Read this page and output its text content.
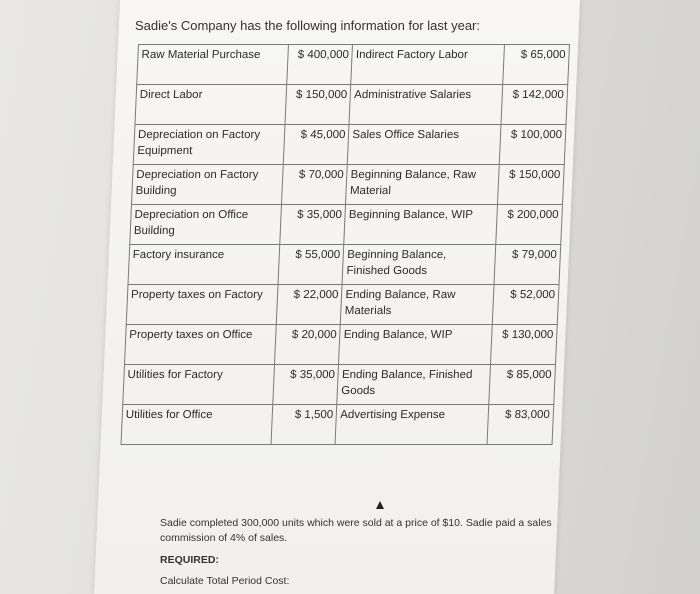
Sadie's Company has the following information for last year:
Raw Material Purchase	$ 400,000	Indirect Factory Labor	$ 65,000
Direct Labor	$ 150,000	Administrative Salaries	$ 142,000
Depreciation on Factory Equipment	$ 45,000	Sales Office Salaries	$ 100,000
Depreciation on Factory Building	$ 70,000	Beginning Balance, Raw Material	$ 150,000
Depreciation on Office Building	$ 35,000	Beginning Balance, WIP	$ 200,000
Factory insurance	$ 55,000	Beginning Balance, Finished Goods	$ 79,000
Property taxes on Factory	$ 22,000	Ending Balance, Raw Materials	$ 52,000
Property taxes on Office	$ 20,000	Ending Balance, WIP	$ 130,000
Utilities for Factory	$ 35,000	Ending Balance, Finished Goods	$ 85,000
Utilities for Office	$ 1,500	Advertising Expense	$ 83,000
Sadie completed 300,000 units which were sold at a price of $10. Sadie paid a sales commission of 4% of sales.
REQUIRED:
Calculate Total Period Cost:
